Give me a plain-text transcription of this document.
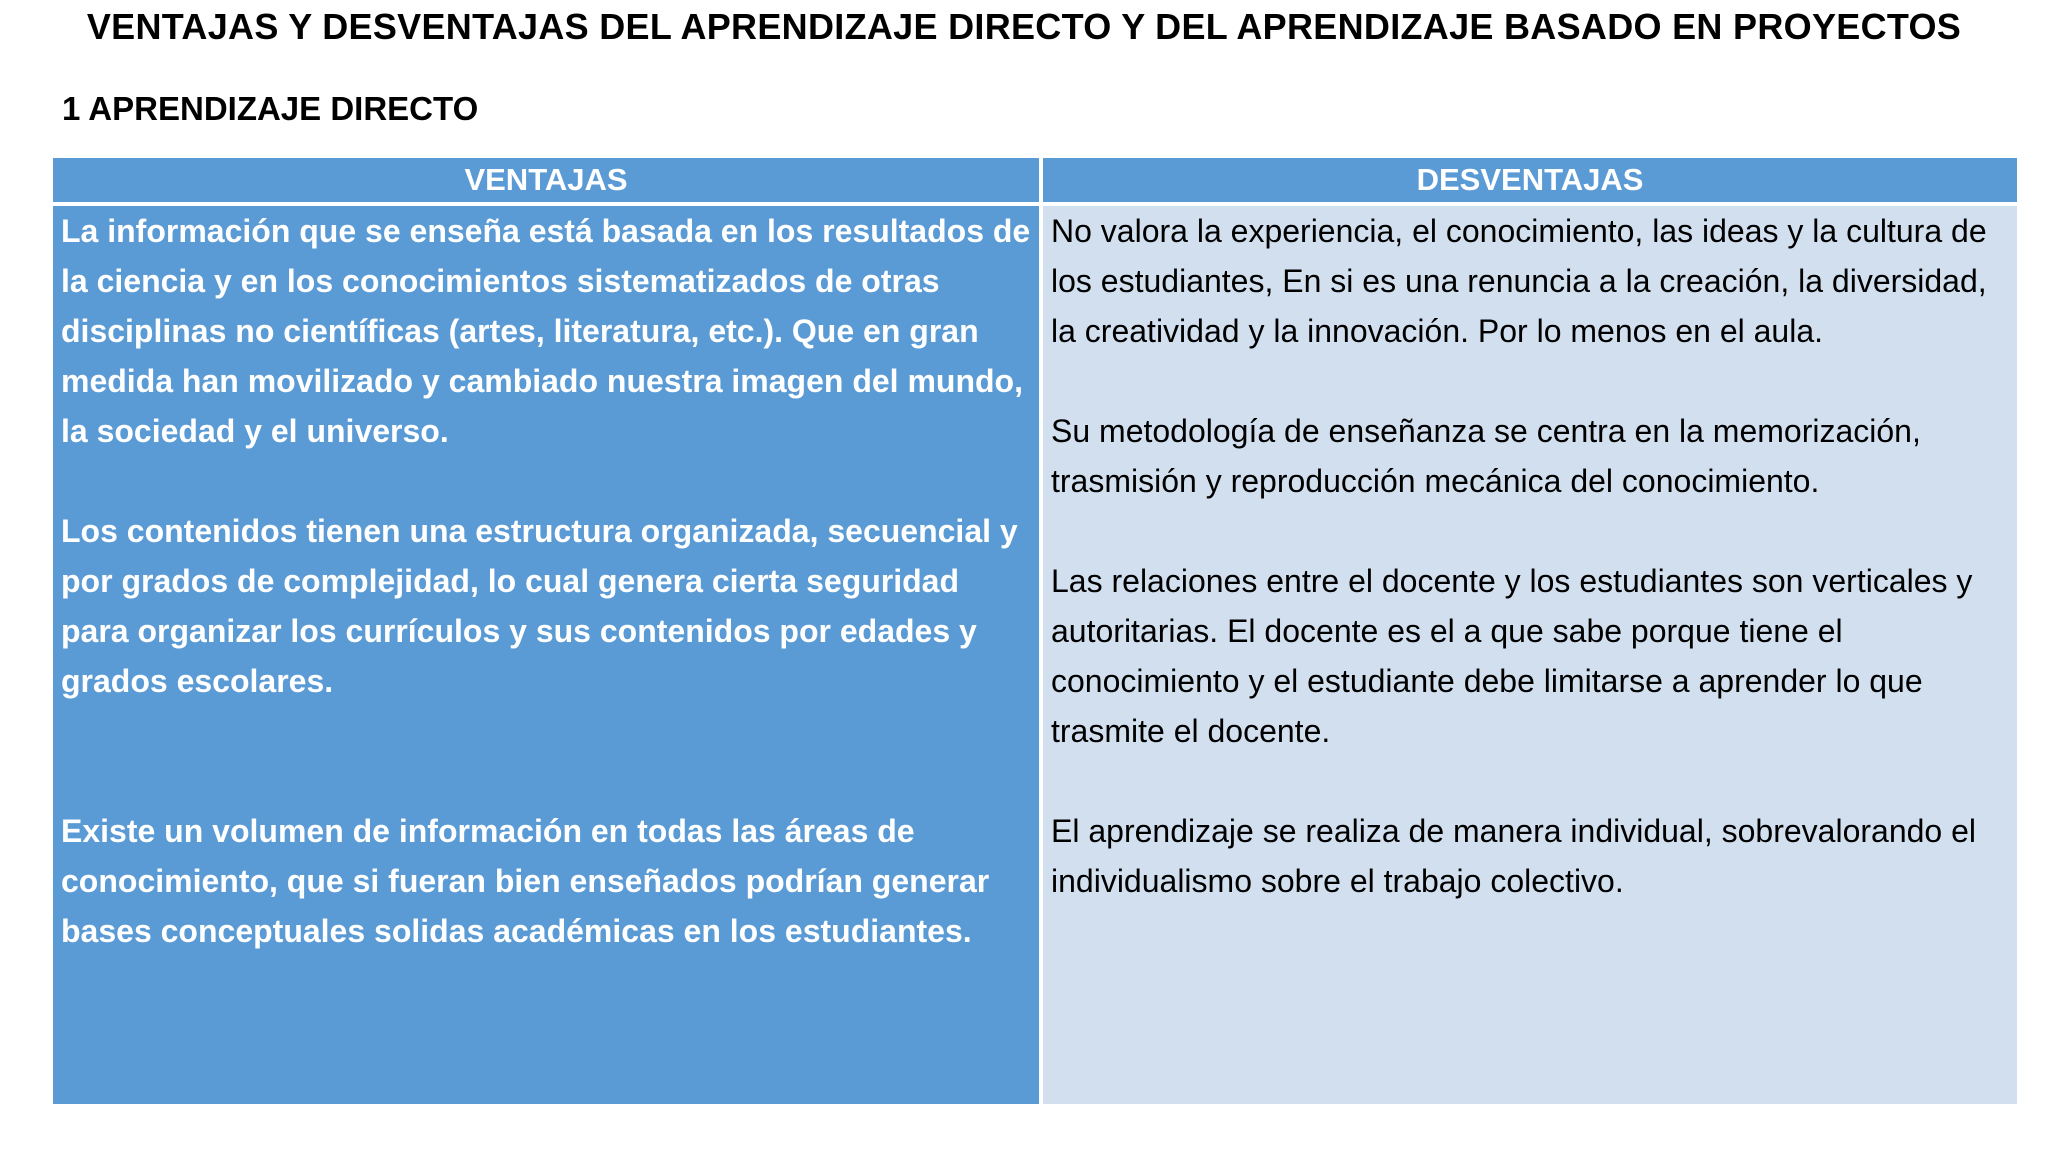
VENTAJAS Y DESVENTAJAS DEL APRENDIZAJE DIRECTO Y DEL APRENDIZAJE BASADO EN PROYECTOS
1 APRENDIZAJE DIRECTO
VENTAJAS	DESVENTAJAS

La información que se enseña está basada en los resultados de la ciencia y en los conocimientos sistematizados de otras disciplinas no científicas (artes, literatura, etc.). Que en gran medida han movilizado y cambiado nuestra imagen del mundo, la sociedad y el universo.

Los contenidos tienen una estructura organizada, secuencial y por grados de complejidad, lo cual genera cierta seguridad para organizar los currículos y sus contenidos por edades y grados escolares.

Existe un volumen de información en todas las áreas de conocimiento, que si fueran bien enseñados podrían generar bases conceptuales solidas académicas en los estudiantes.

No valora la experiencia, el conocimiento, las ideas y la cultura de los estudiantes, En si es una renuncia a la creación, la diversidad, la creatividad y la innovación. Por lo menos en el aula.

Su metodología de enseñanza se centra en la memorización, trasmisión y reproducción mecánica del conocimiento.

Las relaciones entre el docente y los estudiantes son verticales y autoritarias. El docente es el a que sabe porque tiene el conocimiento y el estudiante debe limitarse a aprender lo que trasmite el docente.

El aprendizaje se realiza de manera individual, sobrevalorando el individualismo sobre el trabajo colectivo.
